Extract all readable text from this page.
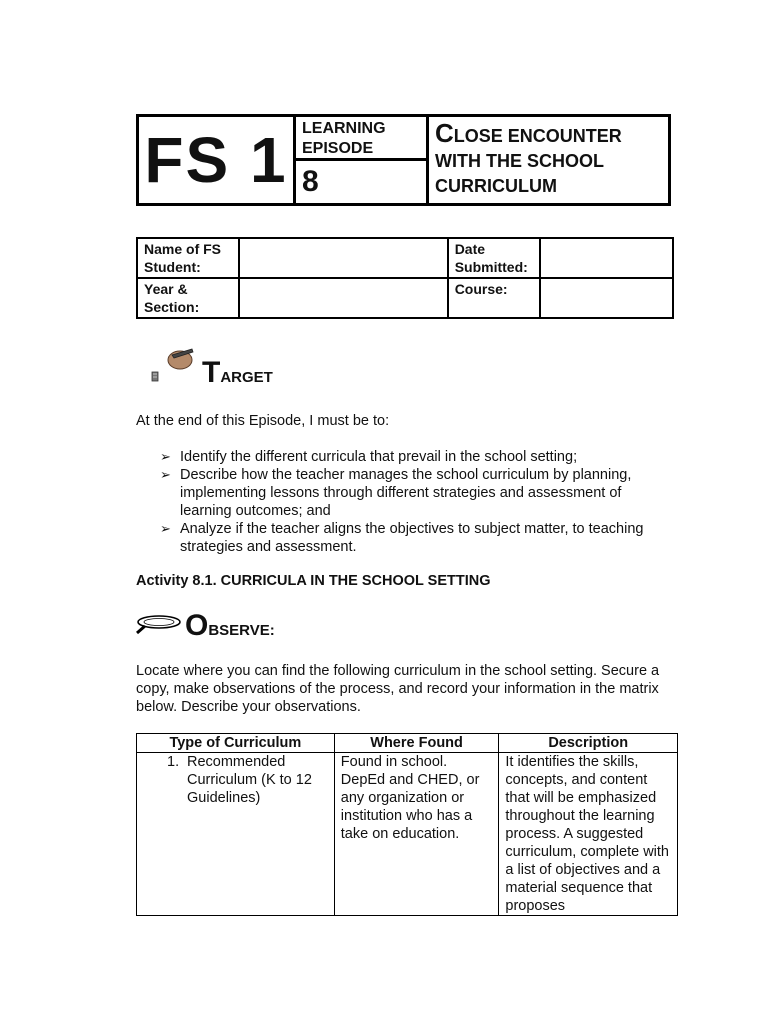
FS 1 LEARNING EPISODE
8
CLOSE ENCOUNTER WITH THE SCHOOL CURRICULUM
Name of FS Student:		Date Submitted:	
Year & Section:		Course:	
T ARGET
At the end of this Episode, I must be to:
➢ Identify the different curricula that prevail in the school setting;
➢ Describe how the teacher manages the school curriculum by planning, implementing lessons through different strategies and assessment of learning outcomes; and
➢ Analyze if the teacher aligns the objectives to subject matter, to teaching strategies and assessment.
Activity 8.1. CURRICULA IN THE SCHOOL SETTING
O BSERVE:
Locate where you can find the following curriculum in the school setting. Secure a copy, make observations of the process, and record your information in the matrix below. Describe your observations.
Type of Curriculum	Where Found	Description

1. Recommended Curriculum (K to 12 Guidelines)	Found in school. DepEd and CHED, or any organization or institution who has a take on education.	It identifies the skills, concepts, and content that will be emphasized throughout the learning process. A suggested curriculum, complete with a list of objectives and a material sequence that proposes
